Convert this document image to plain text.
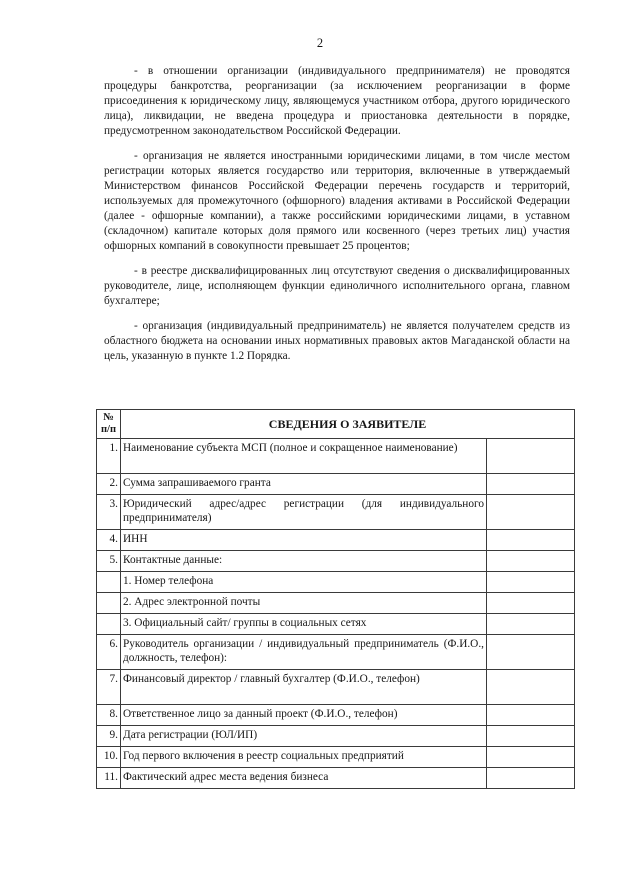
2

- в отношении организации (индивидуального предпринимателя) не проводятся процедуры банкротства, реорганизации (за исключением реорганизации в форме присоединения к юридическому лицу, являющемуся участником отбора, другого юридического лица), ликвидации, не введена процедура и приостановка деятельности в порядке, предусмотренном законодательством Российской Федерации.

- организация не является иностранными юридическими лицами, в том числе местом регистрации которых является государство или территория, включенные в утверждаемый Министерством финансов Российской Федерации перечень государств и территорий, используемых для промежуточного (офшорного) владения активами в Российской Федерации (далее - офшорные компании), а также российскими юридическими лицами, в уставном (складочном) капитале которых доля прямого или косвенного (через третьих лиц) участия офшорных компаний в совокупности превышает 25 процентов;

- в реестре дисквалифицированных лиц отсутствуют сведения о дисквалифицированных руководителе, лице, исполняющем функции единоличного исполнительного органа, главном бухгалтере;

- организация (индивидуальный предприниматель) не является получателем средств из областного бюджета на основании иных нормативных правовых актов Магаданской области на цель, указанную в пункте 1.2 Порядка.

№ п/п	СВЕДЕНИЯ О ЗАЯВИТЕЛЕ	
1.	Наименование субъекта МСП (полное и сокращенное наименование)	
2.	Сумма запрашиваемого гранта	
3.	Юридический адрес/адрес регистрации (для индивидуального предпринимателя)	
4.	ИНН	
5.	Контактные данные:	
	1. Номер телефона	
	2. Адрес электронной почты	
	3. Официальный сайт/ группы в социальных сетях	
6.	Руководитель организации / индивидуальный предприниматель (Ф.И.О., должность, телефон):	
7.	Финансовый директор / главный бухгалтер (Ф.И.О., телефон)	
8.	Ответственное лицо за данный проект (Ф.И.О., телефон)	
9.	Дата регистрации (ЮЛ/ИП)	
10.	Год первого включения в реестр социальных предприятий	
11.	Фактический адрес места ведения бизнеса	
